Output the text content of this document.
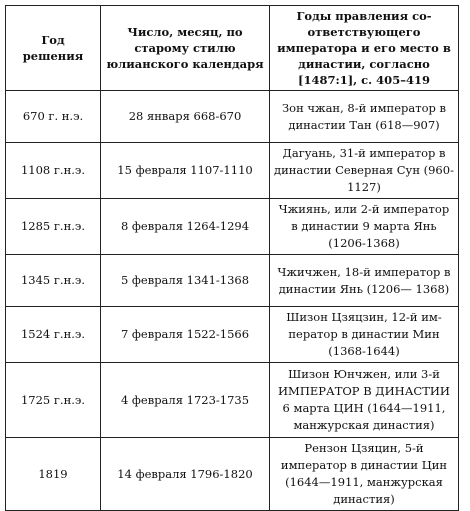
Год решения	Число, месяц, по старому стилю юлианского календаря	Годы правления со-ответствующего императора и его место в династии, согласно [1487:1], с. 405–419
670 г. н.э.	28 января 668-670	Зон чжан, 8-й император в династии Тан (618—907)
1108 г.н.э.	15 февраля 1107-1110	Дагуань, 31-й император в династии Северная Сун (960-1127)
1285 г.н.э.	8 февраля 1264-1294	Чжиянь, или 2-й император в династии 9 марта Янь (1206-1368)
1345 г.н.э.	5 февраля 1341-1368	Чжичжен, 18-й император в династии Янь (1206— 1368)
1524 г.н.э.	7 февраля 1522-1566	Шизон Цзяцзин, 12-й им-ператор в династии Мин (1368-1644)
1725 г.н.э.	4 февраля 1723-1735	Шизон Юнчжен, или 3-й ИМПЕРАТОР В ДИНАСТИИ 6 марта ЦИН (1644—1911, манжурская династия)
1819	14 февраля 1796-1820	Рензон Цзяцин, 5-й император в династии Цин (1644—1911, манжурская династия)
